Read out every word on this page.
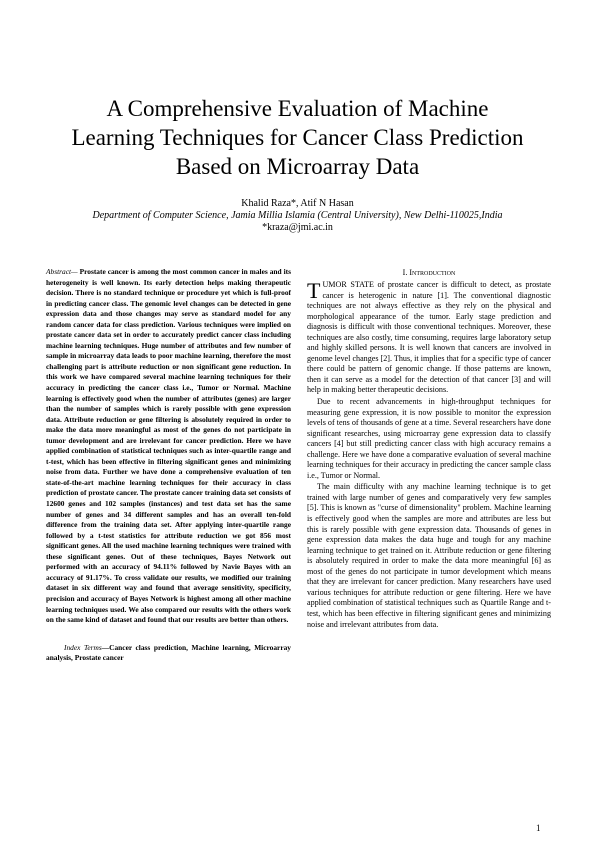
A Comprehensive Evaluation of Machine Learning Techniques for Cancer Class Prediction Based on Microarray Data
Khalid Raza*, Atif N Hasan
Department of Computer Science, Jamia Millia Islamia (Central University), New Delhi-110025,India
*kraza@jmi.ac.in

Abstract— Prostate cancer is among the most common cancer in males and its heterogeneity is well known. Its early detection helps making therapeutic decision. There is no standard technique or procedure yet which is full-proof in predicting cancer class. The genomic level changes can be detected in gene expression data and those changes may serve as standard model for any random cancer data for class prediction. Various techniques were implied on prostate cancer data set in order to accurately predict cancer class including machine learning techniques. Huge number of attributes and few number of sample in microarray data leads to poor machine learning, therefore the most challenging part is attribute reduction or non significant gene reduction. In this work we have compared several machine learning techniques for their accuracy in predicting the cancer class i.e., Tumor or Normal. Machine learning is effectively good when the number of attributes (genes) are larger than the number of samples which is rarely possible with gene expression data. Attribute reduction or gene filtering is absolutely required in order to make the data more meaningful as most of the genes do not participate in tumor development and are irrelevant for cancer prediction. Here we have applied combination of statistical techniques such as inter-quartile range and t-test, which has been effective in filtering significant genes and minimizing noise from data. Further we have done a comprehensive evaluation of ten state-of-the-art machine learning techniques for their accuracy in class prediction of prostate cancer. The prostate cancer training data set consists of 12600 genes and 102 samples (instances) and test data set has the same number of genes and 34 different samples and has an overall ten-fold difference from the training data set. After applying inter-quartile range followed by a t-test statistics for attribute reduction we got 856 most significant genes. All the used machine learning techniques were trained with these significant genes. Out of these techniques, Bayes Network out performed with an accuracy of 94.11% followed by Navie Bayes with an accuracy of 91.17%. To cross validate our results, we modified our training dataset in six different way and found that average sensitivity, specificity, precision and accuracy of Bayes Network is highest among all other machine learning techniques used. We also compared our results with the others work on the same kind of dataset and found that our results are better than others.

Index Terms—Cancer class prediction, Machine learning, Microarray analysis, Prostate cancer

I. Introduction

TUMOR STATE of prostate cancer is difficult to detect, as prostate cancer is heterogenic in nature [1]. The conventional diagnostic techniques are not always effective as they rely on the physical and morphological appearance of the tumor. Early stage prediction and diagnosis is difficult with those conventional techniques. Moreover, these techniques are also costly, time consuming, requires large laboratory setup and highly skilled persons. It is well known that cancers are involved in genome level changes [2]. Thus, it implies that for a specific type of cancer there could be pattern of genomic change. If those patterns are known, then it can serve as a model for the detection of that cancer [3] and will help in making better therapeutic decisions.

Due to recent advancements in high-throughput techniques for measuring gene expression, it is now possible to monitor the expression levels of tens of thousands of gene at a time. Several researchers have done significant researches, using microarray gene expression data to classify cancers [4] but still predicting cancer class with high accuracy remains a challenge. Here we have done a comparative evaluation of several machine learning techniques for their accuracy in predicting the cancer sample class i.e., Tumor or Normal.

The main difficulty with any machine learning technique is to get trained with large number of genes and comparatively very few samples [5]. This is known as "curse of dimensionality" problem. Machine learning is effectively good when the samples are more and attributes are less but this is rarely possible with gene expression data. Thousands of genes in gene expression data makes the data huge and tough for any machine learning technique to get trained on it. Attribute reduction or gene filtering is absolutely required in order to make the data more meaningful [6] as most of the genes do not participate in tumor development which means that they are irrelevant for cancer prediction. Many researchers have used various techniques for attribute reduction or gene filtering. Here we have applied combination of statistical techniques such as Quartile Range and t-test, which has been effective in filtering significant genes and minimizing noise and irrelevant attributes from data.

1
